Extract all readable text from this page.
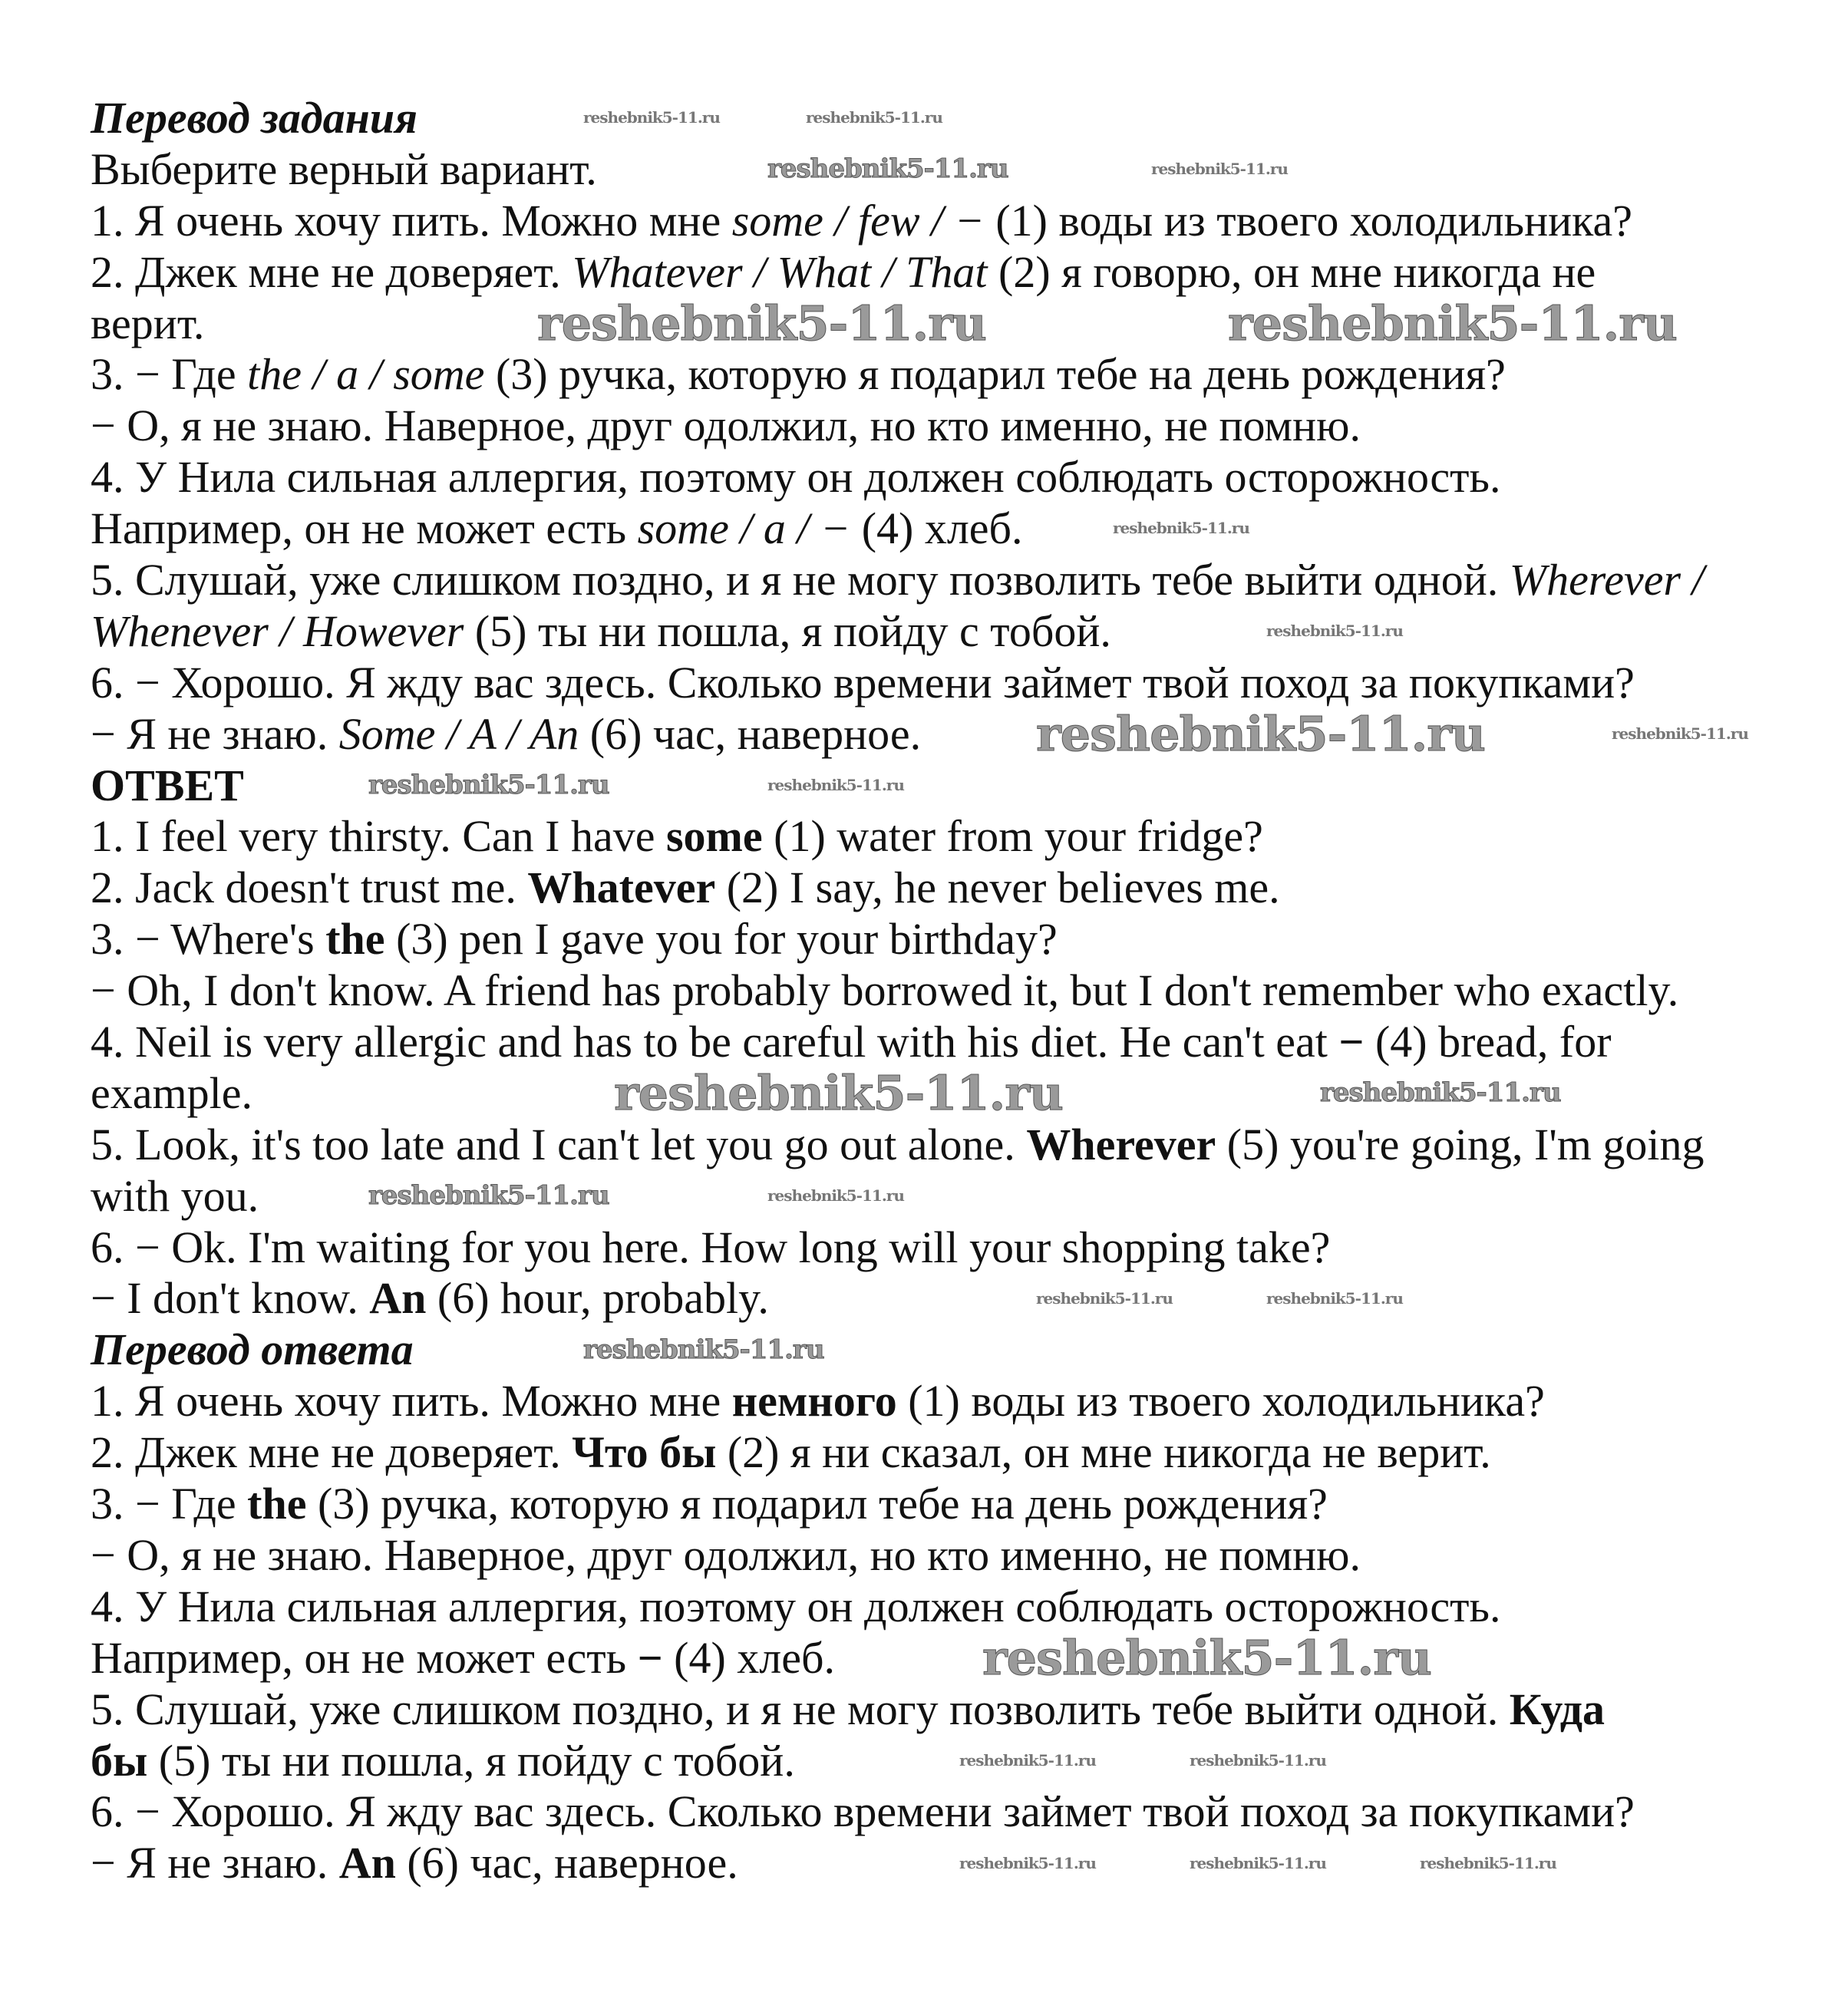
Перевод задания
Выберите верный вариант.
1. Я очень хочу пить. Можно мне some / few / − (1) воды из твоего холодильника?
2. Джек мне не доверяет. Whatever / What / That (2) я говорю, он мне никогда не
верит.
3. − Где the / a / some (3) ручка, которую я подарил тебе на день рождения?
− О, я не знаю. Наверное, друг одолжил, но кто именно, не помню.
4. У Нила сильная аллергия, поэтому он должен соблюдать осторожность.
Например, он не может есть some / a / − (4) хлеб.
5. Слушай, уже слишком поздно, и я не могу позволить тебе выйти одной. Wherever /
Whenever / However (5) ты ни пошла, я пойду с тобой.
6. − Хорошо. Я жду вас здесь. Сколько времени займет твой поход за покупками?
− Я не знаю. Some / A / An (6) час, наверное.
ОТВЕТ
1. I feel very thirsty. Can I have some (1) water from your fridge?
2. Jack doesn't trust me. Whatever (2) I say, he never believes me.
3. − Where's the (3) pen I gave you for your birthday?
− Oh, I don't know. A friend has probably borrowed it, but I don't remember who exactly.
4. Neil is very allergic and has to be careful with his diet. He can't eat − (4) bread, for
example.
5. Look, it's too late and I can't let you go out alone. Wherever (5) you're going, I'm going
with you.
6. − Ok. I'm waiting for you here. How long will your shopping take?
− I don't know. An (6) hour, probably.
Перевод ответа
1. Я очень хочу пить. Можно мне немного (1) воды из твоего холодильника?
2. Джек мне не доверяет. Что бы (2) я ни сказал, он мне никогда не верит.
3. − Где the (3) ручка, которую я подарил тебе на день рождения?
− О, я не знаю. Наверное, друг одолжил, но кто именно, не помню.
4. У Нила сильная аллергия, поэтому он должен соблюдать осторожность.
Например, он не может есть − (4) хлеб.
5. Слушай, уже слишком поздно, и я не могу позволить тебе выйти одной. Куда
бы (5) ты ни пошла, я пойду с тобой.
6. − Хорошо. Я жду вас здесь. Сколько времени займет твой поход за покупками?
− Я не знаю. An (6) час, наверное.
reshebnik5-11.ru	reshebnik5-11.ru
reshebnik5-11.ru
reshebnik5-11.ru
reshebnik5-11.ru
reshebnik5-11.ru
reshebnik5-11.ru
reshebnik5-11.ru
reshebnik5-11.ru
reshebnik5-11.ru
reshebnik5-11.ru	reshebnik5-11.ru
reshebnik5-11.ru
reshebnik5-11.ru
reshebnik5-11.ru
reshebnik5-11.ru
reshebnik5-11.ru
reshebnik5-11.ru
reshebnik5-11.ru	reshebnik5-11.ru
reshebnik5-11.ru	reshebnik5-11.ru
reshebnik5-11.ru	reshebnik5-11.ru	reshebnik5-11.ru
